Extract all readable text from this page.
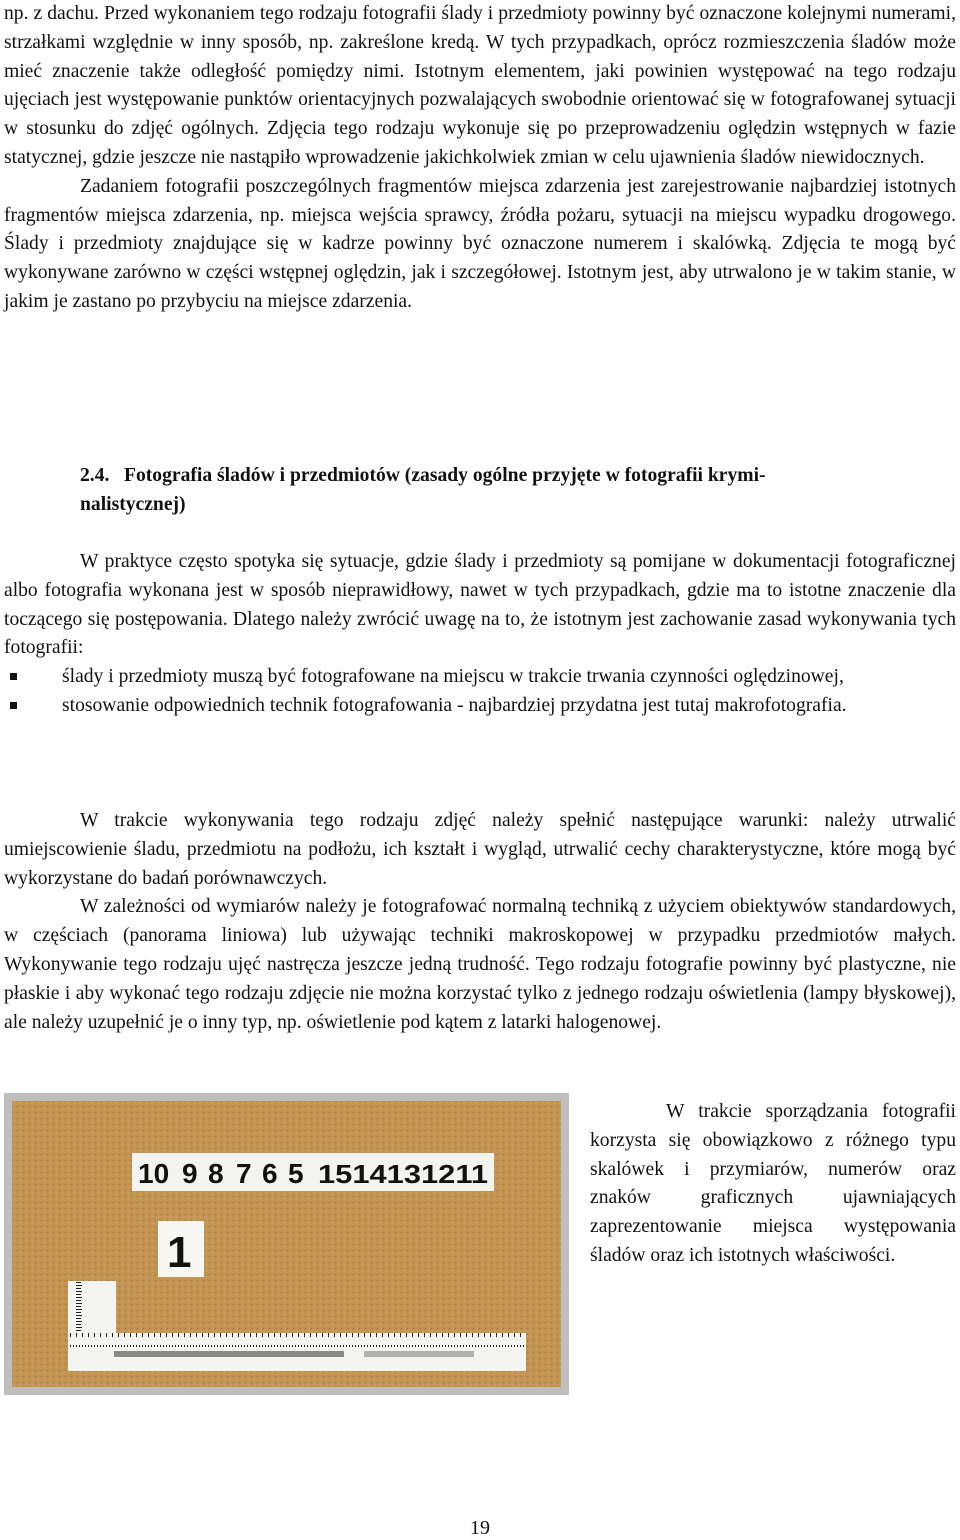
np. z dachu. Przed wykonaniem tego rodzaju fotografii ślady i przedmioty powinny być oznaczone kolejnymi numerami, strzałkami względnie w inny sposób, np. zakreślone kredą. W tych przypadkach, oprócz rozmieszczenia śladów może mieć znaczenie także odległość pomiędzy nimi. Istotnym elementem, jaki powinien występować na tego rodzaju ujęciach jest występowanie punktów orientacyjnych pozwalających swobodnie orientować się w fotografowanej sytuacji w stosunku do zdjęć ogólnych. Zdjęcia tego rodzaju wykonuje się po przeprowadzeniu oględzin wstępnych w fazie statycznej, gdzie jeszcze nie nastąpiło wprowadzenie jakichkolwiek zmian w celu ujawnienia śladów niewidocznych.

Zadaniem fotografii poszczególnych fragmentów miejsca zdarzenia jest zarejestrowanie najbardziej istotnych fragmentów miejsca zdarzenia, np. miejsca wejścia sprawcy, źródła pożaru, sytuacji na miejscu wypadku drogowego. Ślady i przedmioty znajdujące się w kadrze powinny być oznaczone numerem i skalówką. Zdjęcia te mogą być wykonywane zarówno w części wstępnej oględzin, jak i szczegółowej. Istotnym jest, aby utrwalono je w takim stanie, w jakim je zastano po przybyciu na miejsce zdarzenia.

2.4. Fotografia śladów i przedmiotów (zasady ogólne przyjęte w fotografii krymi-
nalistycznej)

W praktyce często spotyka się sytuacje, gdzie ślady i przedmioty są pomijane w dokumentacji fotograficznej albo fotografia wykonana jest w sposób nieprawidłowy, nawet w tych przypadkach, gdzie ma to istotne znaczenie dla toczącego się postępowania. Dlatego należy zwrócić uwagę na to, że istotnym jest zachowanie zasad wykonywania tych fotografii:

ślady i przedmioty muszą być fotografowane na miejscu w trakcie trwania czynności oględzinowej,
stosowanie odpowiednich technik fotografowania - najbardziej przydatna jest tutaj makrofotografia.

W trakcie wykonywania tego rodzaju zdjęć należy spełnić następujące warunki: należy utrwalić umiejscowienie śladu, przedmiotu na podłożu, ich kształt i wygląd, utrwalić cechy charakterystyczne, które mogą być wykorzystane do badań porównawczych.

W zależności od wymiarów należy je fotografować normalną techniką z użyciem obiektywów standardowych, w częściach (panorama liniowa) lub używając techniki makroskopowej w przypadku przedmiotów małych. Wykonywanie tego rodzaju ujęć nastręcza jeszcze jedną trudność. Tego rodzaju fotografie powinny być plastyczne, nie płaskie i aby wykonać tego rodzaju zdjęcie nie można korzystać tylko z jednego rodzaju oświetlenia (lampy błyskowej), ale należy uzupełnić je o inny typ, np. oświetlenie pod kątem z latarki halogenowej.

10 9 8 7 6 5 1514131211
1

W trakcie sporządzania fotografii korzysta się obowiązkowo z różnego typu skalówek i przymiarów, numerów oraz znaków graficznych ujawniających zaprezentowanie miejsca występowania śladów oraz ich istotnych właściwości.

19
